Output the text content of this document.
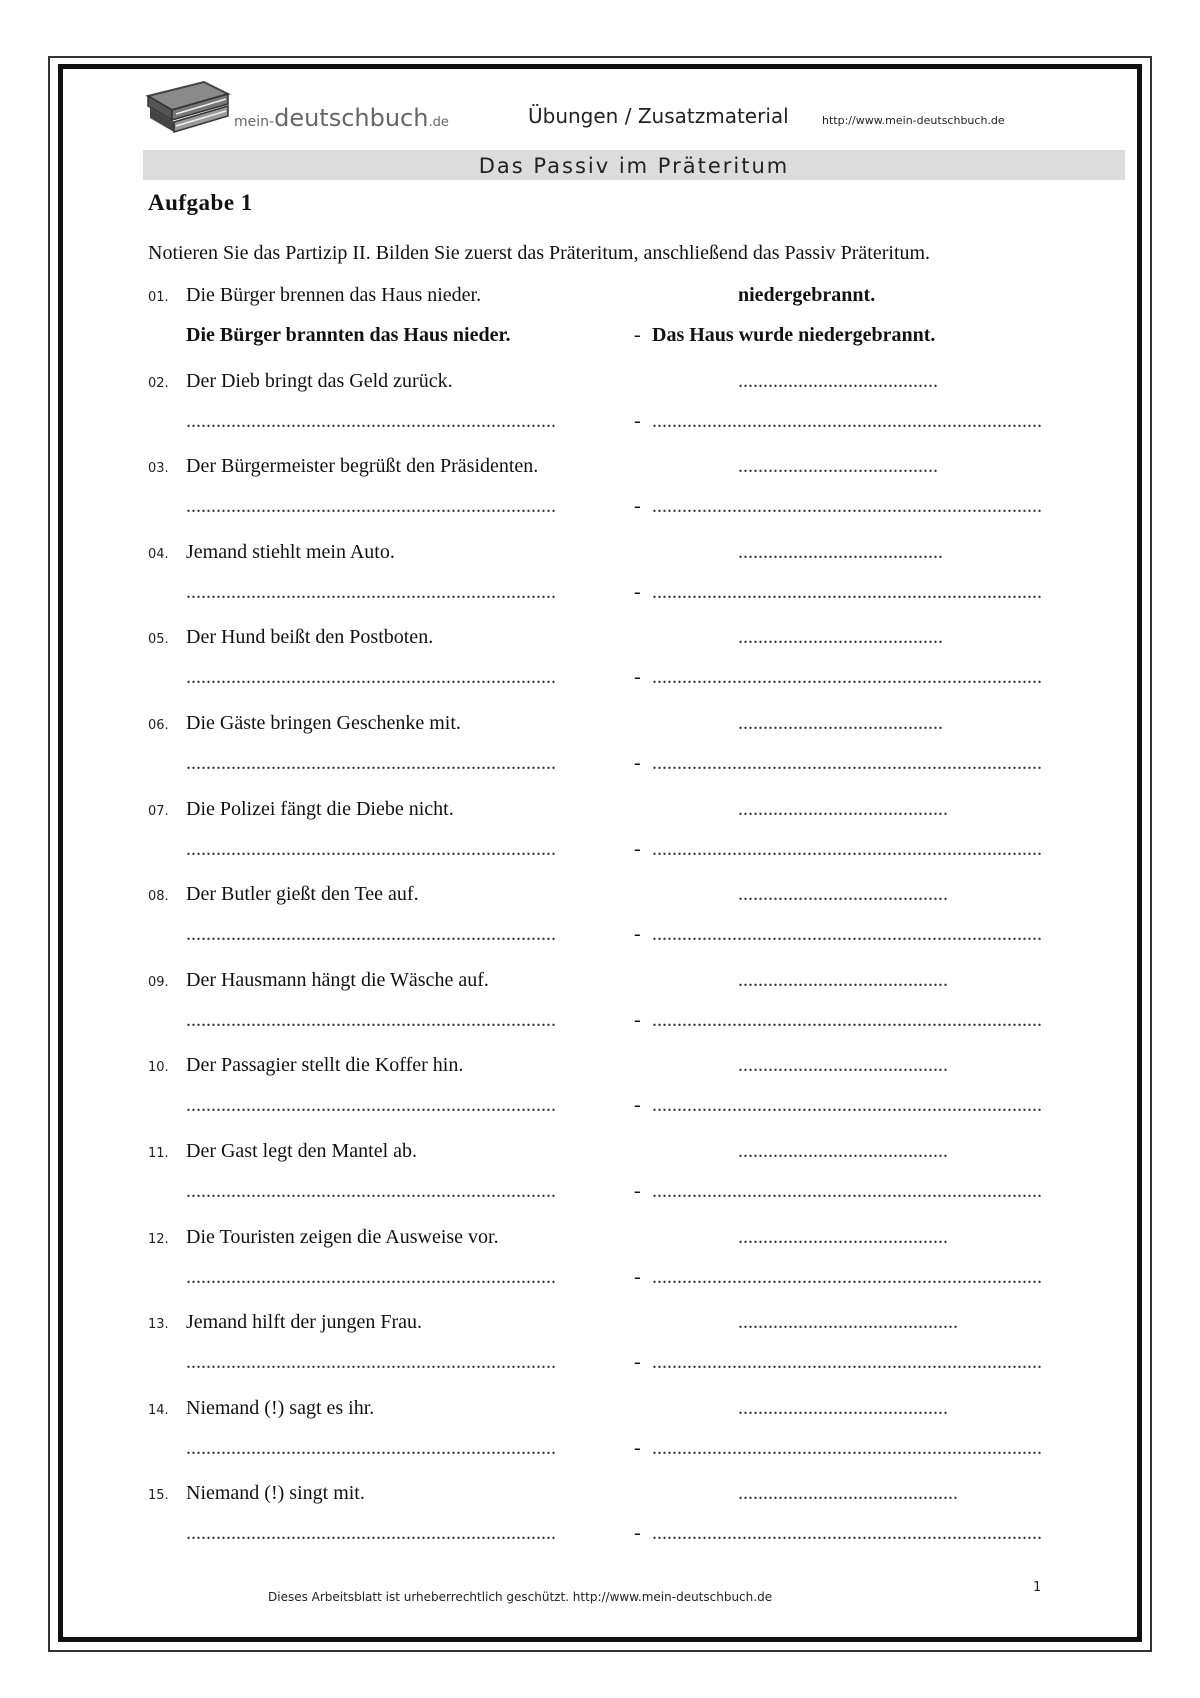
mein-deutschbuch.de	Übungen / Zusatzmaterial	http://www.mein-deutschbuch.de
Das Passiv im Präteritum
Aufgabe 1
Notieren Sie das Partizip II. Bilden Sie zuerst das Präteritum, anschließend das Passiv Präteritum.
01. Die Bürger brennen das Haus nieder.	niedergebrannt.
Die Bürger brannten das Haus nieder.	- Das Haus wurde niedergebrannt.
02. Der Dieb bringt das Geld zurück.	........................................
..........................................................................	- ..............................................................................
03. Der Bürgermeister begrüßt den Präsidenten.	........................................
..........................................................................	- ..............................................................................
04. Jemand stiehlt mein Auto.	.........................................
..........................................................................	- ..............................................................................
05. Der Hund beißt den Postboten.	.........................................
..........................................................................	- ..............................................................................
06. Die Gäste bringen Geschenke mit.	.........................................
..........................................................................	- ..............................................................................
07. Die Polizei fängt die Diebe nicht.	..........................................
..........................................................................	- ..............................................................................
08. Der Butler gießt den Tee auf.	..........................................
..........................................................................	- ..............................................................................
09. Der Hausmann hängt die Wäsche auf.	..........................................
..........................................................................	- ..............................................................................
10. Der Passagier stellt die Koffer hin.	..........................................
..........................................................................	- ..............................................................................
11. Der Gast legt den Mantel ab.	..........................................
..........................................................................	- ..............................................................................
12. Die Touristen zeigen die Ausweise vor.	..........................................
..........................................................................	- ..............................................................................
13. Jemand hilft der jungen Frau.	............................................
..........................................................................	- ..............................................................................
14. Niemand (!) sagt es ihr.	..........................................
..........................................................................	- ..............................................................................
15. Niemand (!) singt mit.	............................................
..........................................................................	- ..............................................................................
Dieses Arbeitsblatt ist urheberrechtlich geschützt. http://www.mein-deutschbuch.de
1
